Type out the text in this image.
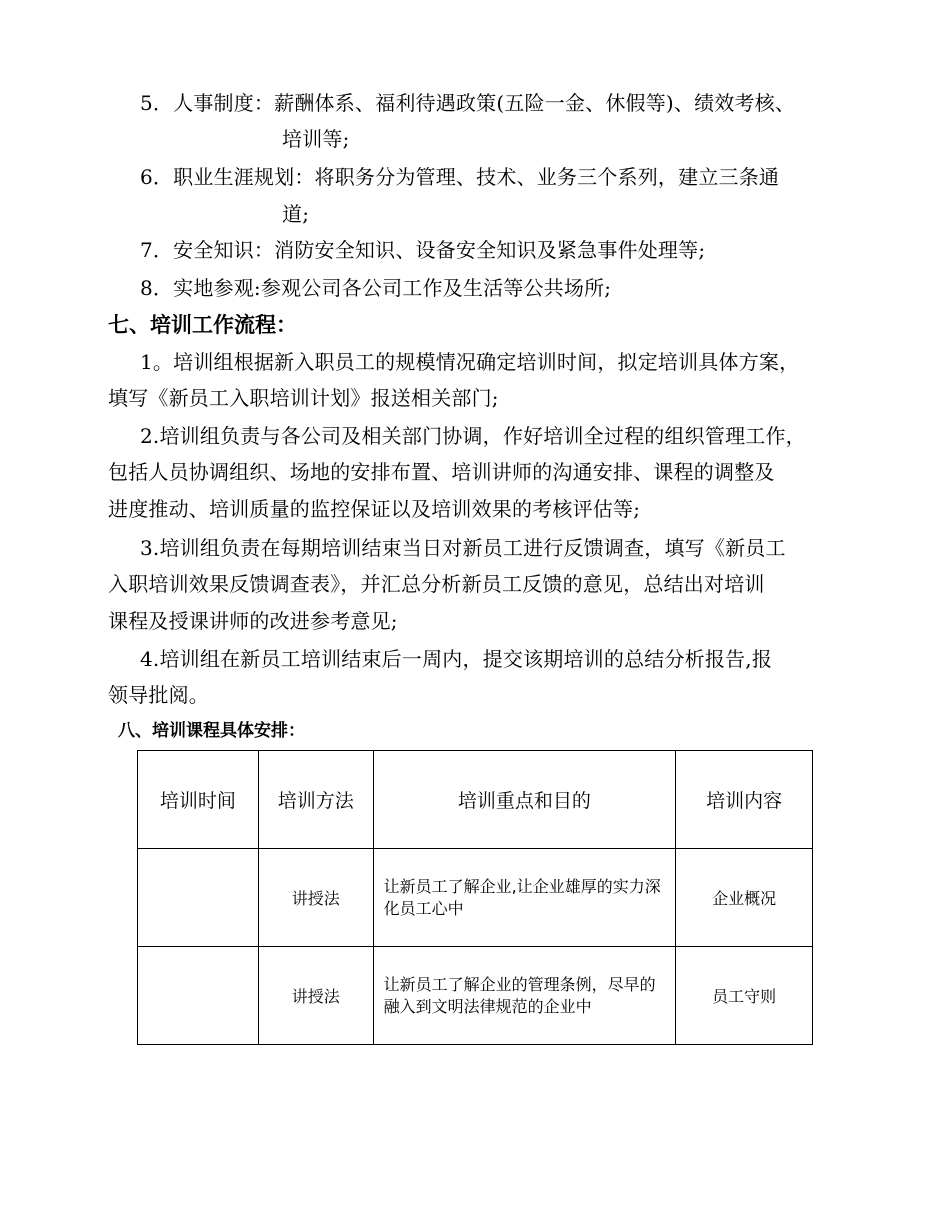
5．人事制度：薪酬体系、福利待遇政策(五险一金、休假等)、绩效考核、
培训等;
6．职业生涯规划：将职务分为管理、技术、业务三个系列，建立三条通
道;
7．安全知识：消防安全知识、设备安全知识及紧急事件处理等;
8．实地参观:参观公司各公司工作及生活等公共场所;
七、培训工作流程：
1。培训组根据新入职员工的规模情况确定培训时间，拟定培训具体方案，
填写《新员工入职培训计划》报送相关部门;
2.培训组负责与各公司及相关部门协调，作好培训全过程的组织管理工作，
包括人员协调组织、场地的安排布置、培训讲师的沟通安排、课程的调整及
进度推动、培训质量的监控保证以及培训效果的考核评估等;
3.培训组负责在每期培训结束当日对新员工进行反馈调查，填写《新员工
入职培训效果反馈调查表》，并汇总分析新员工反馈的意见，总结出对培训
课程及授课讲师的改进参考意见;
4.培训组在新员工培训结束后一周内，提交该期培训的总结分析报告,报
领导批阅。
八、培训课程具体安排：
培训时间	培训方法	培训重点和目的	培训内容
	讲授法	让新员工了解企业,让企业雄厚的实力深化员工心中	企业概况
	讲授法	让新员工了解企业的管理条例，尽早的融入到文明法律规范的企业中	员工守则
